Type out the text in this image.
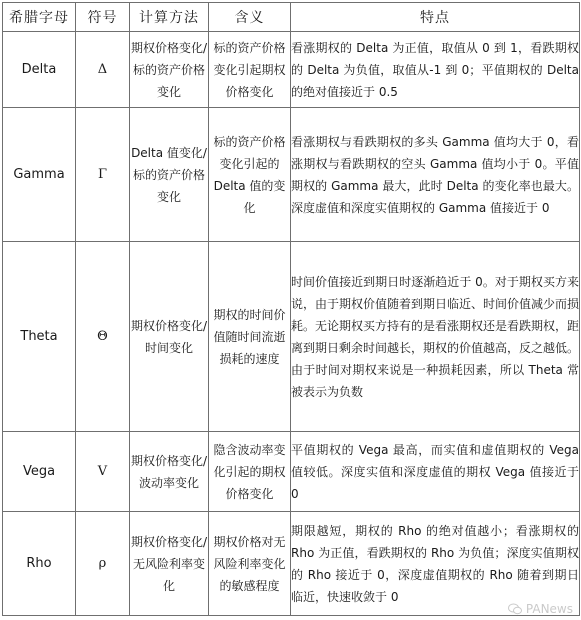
希腊字母	符号	计算方法	含义	特点
Delta	Δ	期权价格变化/标的资产价格变化	标的资产价格变化引起期权价格变化	看涨期权的 Delta 为正值，取值从 0 到 1，看跌期权的 Delta 为负值，取值从-1 到 0；平值期权的 Delta 的绝对值接近于 0.5
Gamma	Γ	Delta 值变化/标的资产价格变化	标的资产价格变化引起的 Delta 值的变化	看涨期权与看跌期权的多头 Gamma 值均大于 0，看涨期权与看跌期权的空头 Gamma 值均小于 0。平值期权的 Gamma 最大，此时 Delta 的变化率也最大。深度虚值和深度实值期权的 Gamma 值接近于 0
Theta	Θ	期权价格变化/时间变化	期权的时间价值随时间流逝损耗的速度	时间价值接近到期日时逐渐趋近于 0。对于期权买方来说，由于期权价值随着到期日临近、时间价值减少而损耗。无论期权买方持有的是看涨期权还是看跌期权，距离到期日剩余时间越长，期权的价值越高，反之越低。由于时间对期权来说是一种损耗因素，所以 Theta 常被表示为负数
Vega	V	期权价格变化/波动率变化	隐含波动率变化引起的期权价格变化	平值期权的 Vega 最高，而实值和虚值期权的 Vega 值较低。深度实值和深度虚值的期权 Vega 值接近于 0
Rho	ρ	期权价格变化/无风险利率变化	期权价格对无风险利率变化的敏感程度	期限越短，期权的 Rho 的绝对值越小；看涨期权的 Rho 为正值，看跌期权的 Rho 为负值；深度实值期权的 Rho 接近于 0，深度虚值期权的 Rho 随着到期日临近，快速收敛于 0
PANews
